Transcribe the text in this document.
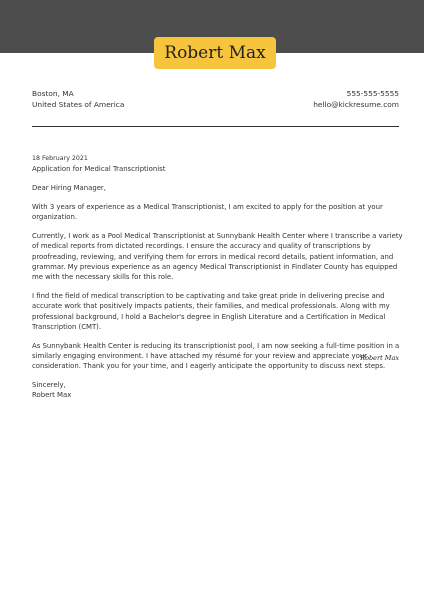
Robert Max
Boston, MA
United States of America
555-555-5555
hello@kickresume.com

18 February 2021

Application for Medical Transcriptionist

Dear Hiring Manager,

With 3 years of experience as a Medical Transcriptionist, I am excited to apply for the position at your organization.

Currently, I work as a Pool Medical Transcriptionist at Sunnybank Health Center where I transcribe a variety of medical reports from dictated recordings. I ensure the accuracy and quality of transcriptions by proofreading, reviewing, and verifying them for errors in medical record details, patient information, and grammar. My previous experience as an agency Medical Transcriptionist in Findlater County has equipped me with the necessary skills for this role.

I find the field of medical transcription to be captivating and take great pride in delivering precise and accurate work that positively impacts patients, their families, and medical professionals. Along with my professional background, I hold a Bachelor's degree in English Literature and a Certification in Medical Transcription (CMT).

As Sunnybank Health Center is reducing its transcriptionist pool, I am now seeking a full-time position in a similarly engaging environment. I have attached my résumé for your review and appreciate your consideration. Thank you for your time, and I eagerly anticipate the opportunity to discuss next steps.

Sincerely,

Robert Max

Robert Max
